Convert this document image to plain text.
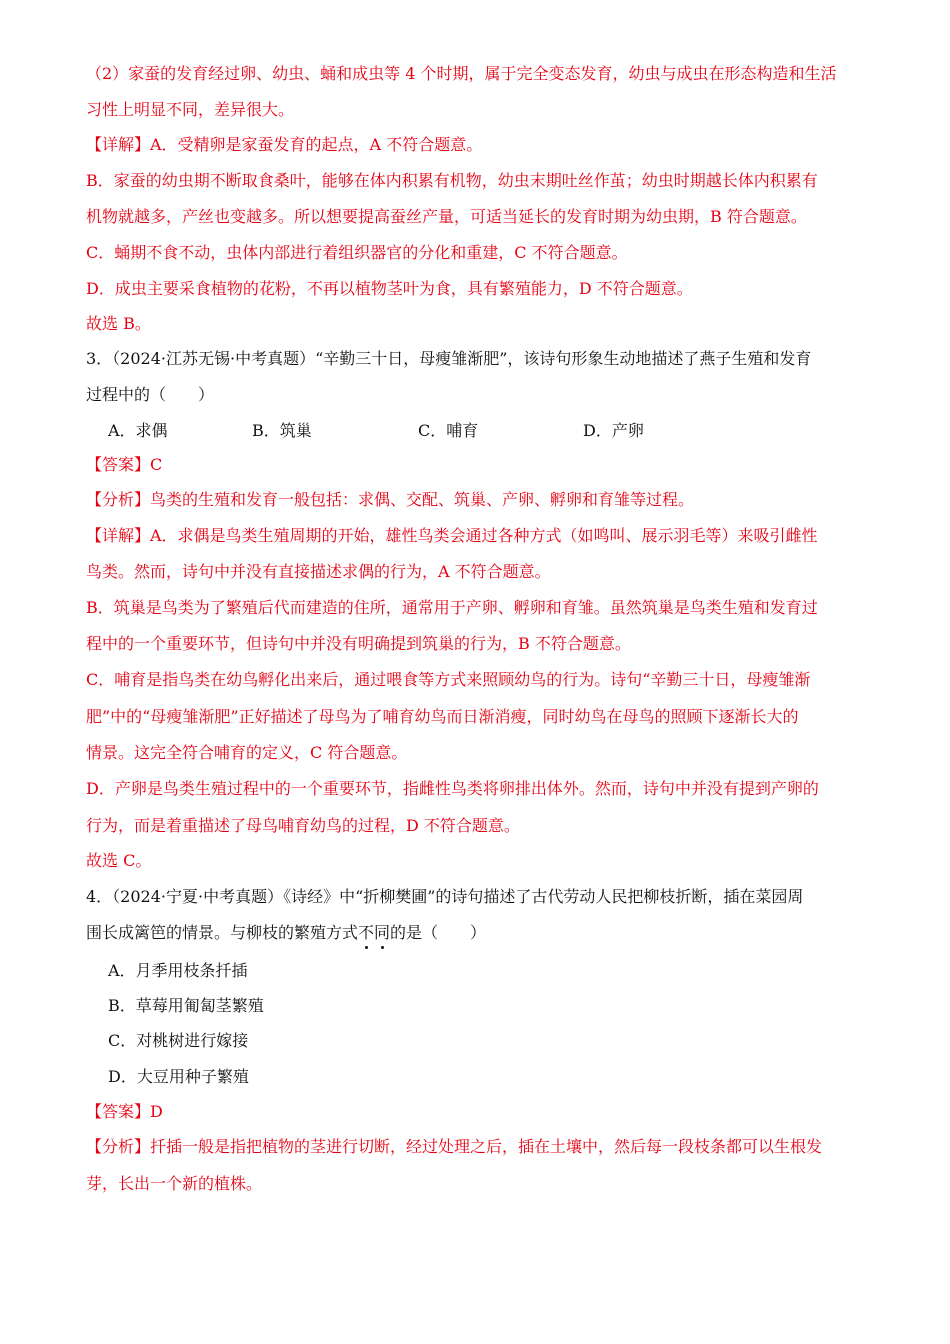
（2）家蚕的发育经过卵、幼虫、蛹和成虫等 4 个时期，属于完全变态发育，幼虫与成虫在形态构造和生活
习性上明显不同，差异很大。
【详解】A．受精卵是家蚕发育的起点，A 不符合题意。
B．家蚕的幼虫期不断取食桑叶，能够在体内积累有机物，幼虫末期吐丝作茧；幼虫时期越长体内积累有
机物就越多，产丝也变越多。所以想要提高蚕丝产量，可适当延长的发育时期为幼虫期，B 符合题意。
C．蛹期不食不动，虫体内部进行着组织器官的分化和重建，C 不符合题意。
D．成虫主要采食植物的花粉，不再以植物茎叶为食，具有繁殖能力，D 不符合题意。
故选 B。
3．（2024·江苏无锡·中考真题）“辛勤三十日，母瘦雏渐肥”，该诗句形象生动地描述了燕子生殖和发育
过程中的（　　）
A．求偶	B．筑巢	C．哺育	D．产卵
【答案】C
【分析】鸟类的生殖和发育一般包括：求偶、交配、筑巢、产卵、孵卵和育雏等过程。
【详解】A．求偶是鸟类生殖周期的开始，雄性鸟类会通过各种方式（如鸣叫、展示羽毛等）来吸引雌性
鸟类。然而，诗句中并没有直接描述求偶的行为，A 不符合题意。
B．筑巢是鸟类为了繁殖后代而建造的住所，通常用于产卵、孵卵和育雏。虽然筑巢是鸟类生殖和发育过
程中的一个重要环节，但诗句中并没有明确提到筑巢的行为，B 不符合题意。
C．哺育是指鸟类在幼鸟孵化出来后，通过喂食等方式来照顾幼鸟的行为。诗句“辛勤三十日，母瘦雏渐
肥”中的“母瘦雏渐肥”正好描述了母鸟为了哺育幼鸟而日渐消瘦，同时幼鸟在母鸟的照顾下逐渐长大的
情景。这完全符合哺育的定义，C 符合题意。
D．产卵是鸟类生殖过程中的一个重要环节，指雌性鸟类将卵排出体外。然而，诗句中并没有提到产卵的
行为，而是着重描述了母鸟哺育幼鸟的过程，D 不符合题意。
故选 C。
4．（2024·宁夏·中考真题）《诗经》中“折柳樊圃”的诗句描述了古代劳动人民把柳枝折断，插在菜园周
围长成篱笆的情景。与柳枝的繁殖方式不同的是（　　）
A．月季用枝条扦插
B．草莓用匍匐茎繁殖
C．对桃树进行嫁接
D．大豆用种子繁殖
【答案】D
【分析】扦插一般是指把植物的茎进行切断，经过处理之后，插在土壤中，然后每一段枝条都可以生根发
芽，长出一个新的植株。
